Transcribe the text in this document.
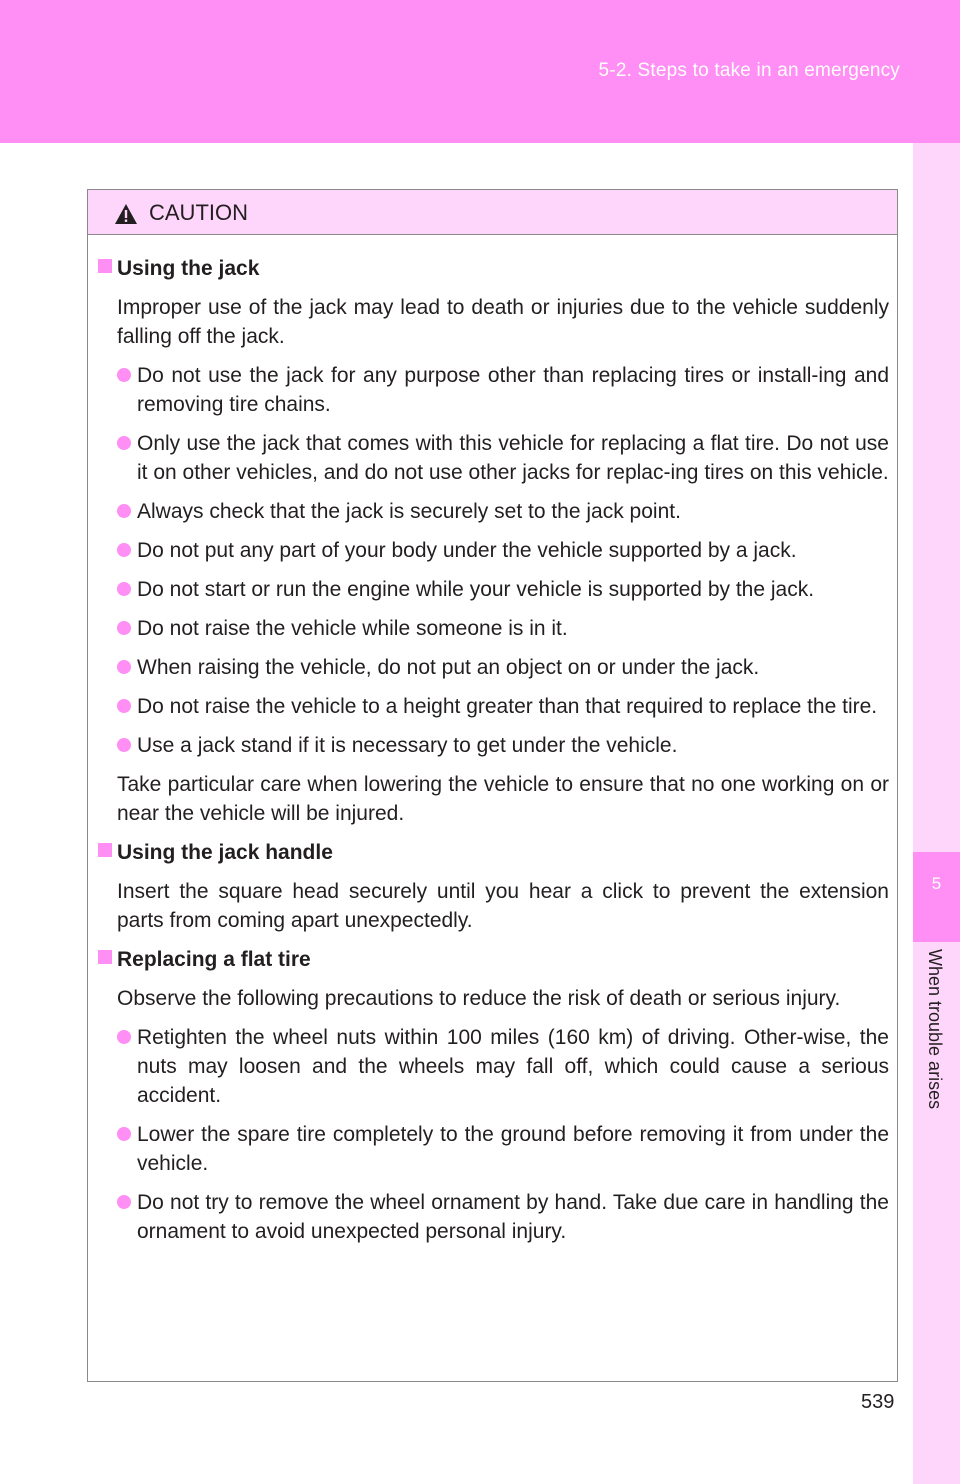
5-2. Steps to take in an emergency
5
When trouble arises
CAUTION
Using the jack
Improper use of the jack may lead to death or injuries due to the vehicle suddenly falling off the jack.
Do not use the jack for any purpose other than replacing tires or install-ing and removing tire chains.
Only use the jack that comes with this vehicle for replacing a flat tire. Do not use it on other vehicles, and do not use other jacks for replac-ing tires on this vehicle.
Always check that the jack is securely set to the jack point.
Do not put any part of your body under the vehicle supported by a jack.
Do not start or run the engine while your vehicle is supported by the jack.
Do not raise the vehicle while someone is in it.
When raising the vehicle, do not put an object on or under the jack.
Do not raise the vehicle to a height greater than that required to replace the tire.
Use a jack stand if it is necessary to get under the vehicle.
Take particular care when lowering the vehicle to ensure that no one working on or near the vehicle will be injured.
Using the jack handle
Insert the square head securely until you hear a click to prevent the extension parts from coming apart unexpectedly.
Replacing a flat tire
Observe the following precautions to reduce the risk of death or serious injury.
Retighten the wheel nuts within 100 miles (160 km) of driving. Other-wise, the nuts may loosen and the wheels may fall off, which could cause a serious accident.
Lower the spare tire completely to the ground before removing it from under the vehicle.
Do not try to remove the wheel ornament by hand. Take due care in handling the ornament to avoid unexpected personal injury.
539
